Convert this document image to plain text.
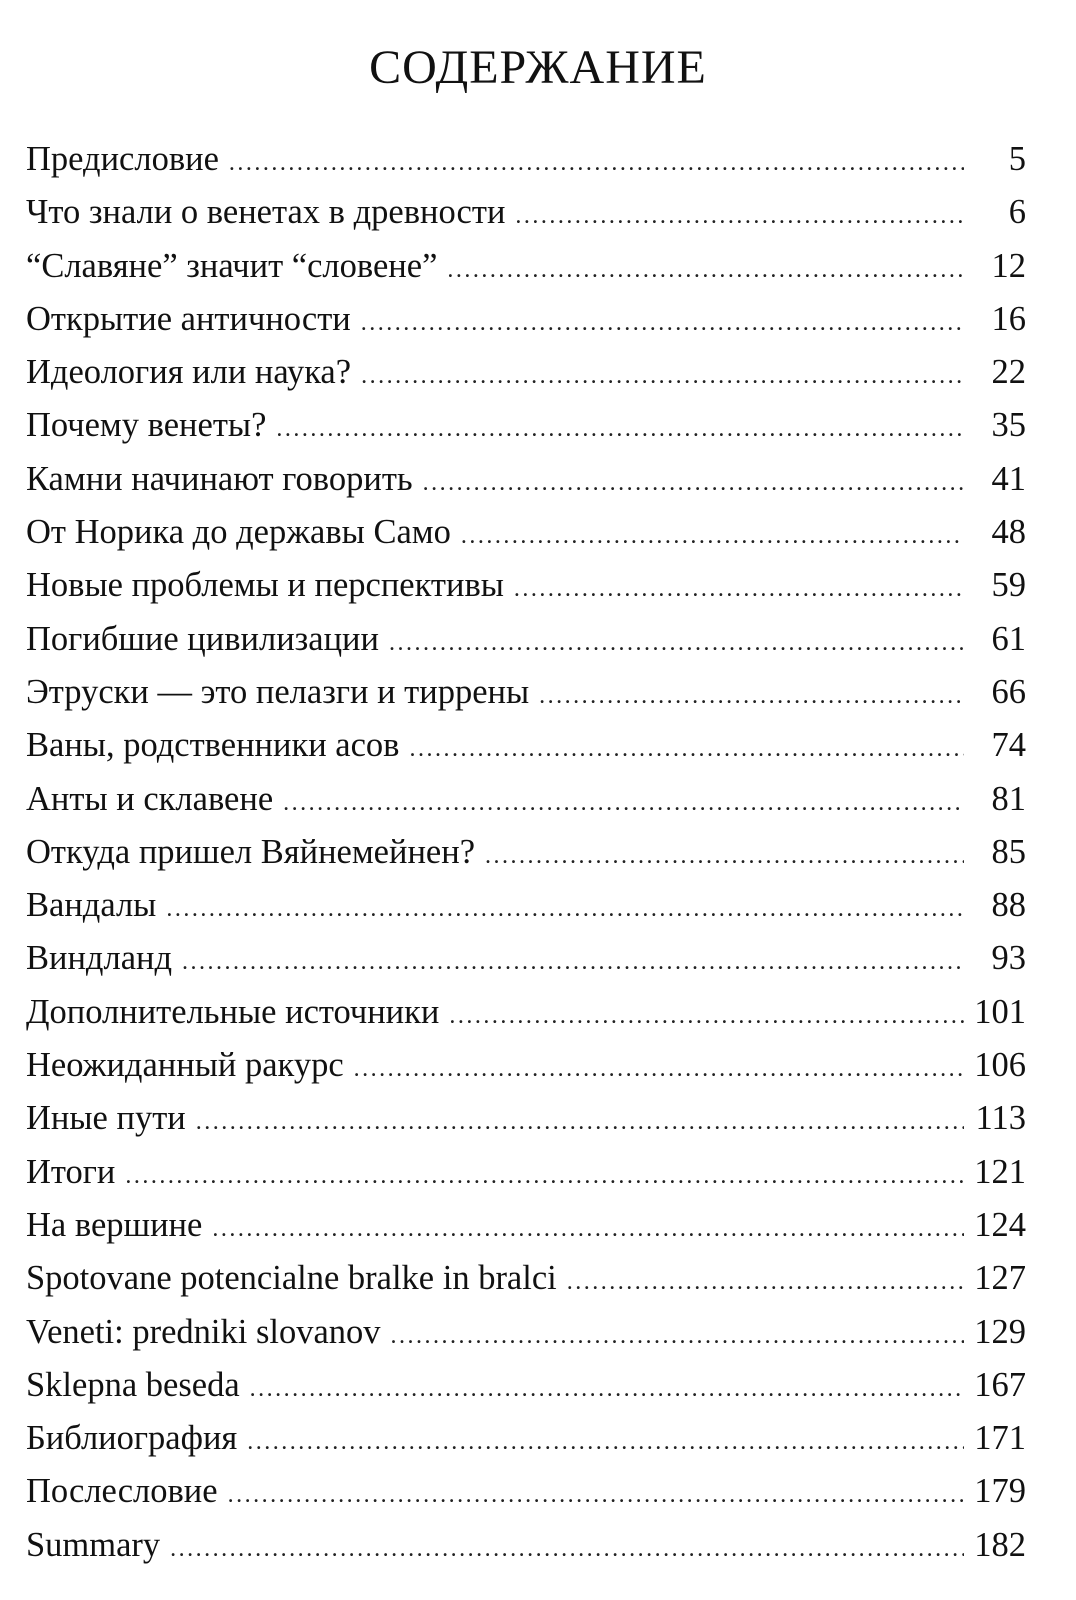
СОДЕРЖАНИЕ
Предисловие .....	5
Что знали о венетах в древности .....	6
“Славяне” значит “словене” .....	12
Открытие античности .....	16
Идеология или наука? .....	22
Почему венеты? .....	35
Камни начинают говорить .....	41
От Норика до державы Само .....	48
Новые проблемы и перспективы .....	59
Погибшие цивилизации .....	61
Этруски — это пелазги и тиррены .....	66
Ваны, родственники асов .....	74
Анты и склавене .....	81
Откуда пришел Вяйнемейнен? .....	85
Вандалы .....	88
Виндланд .....	93
Дополнительные источники .....	101
Неожиданный ракурс .....	106
Иные пути .....	113
Итоги .....	121
На вершине .....	124
Spotovane potencialne bralke in bralci .....	127
Veneti: predniki slovanov .....	129
Sklepna beseda .....	167
Библиография .....	171
Послесловие .....	179
Summary .....	182
